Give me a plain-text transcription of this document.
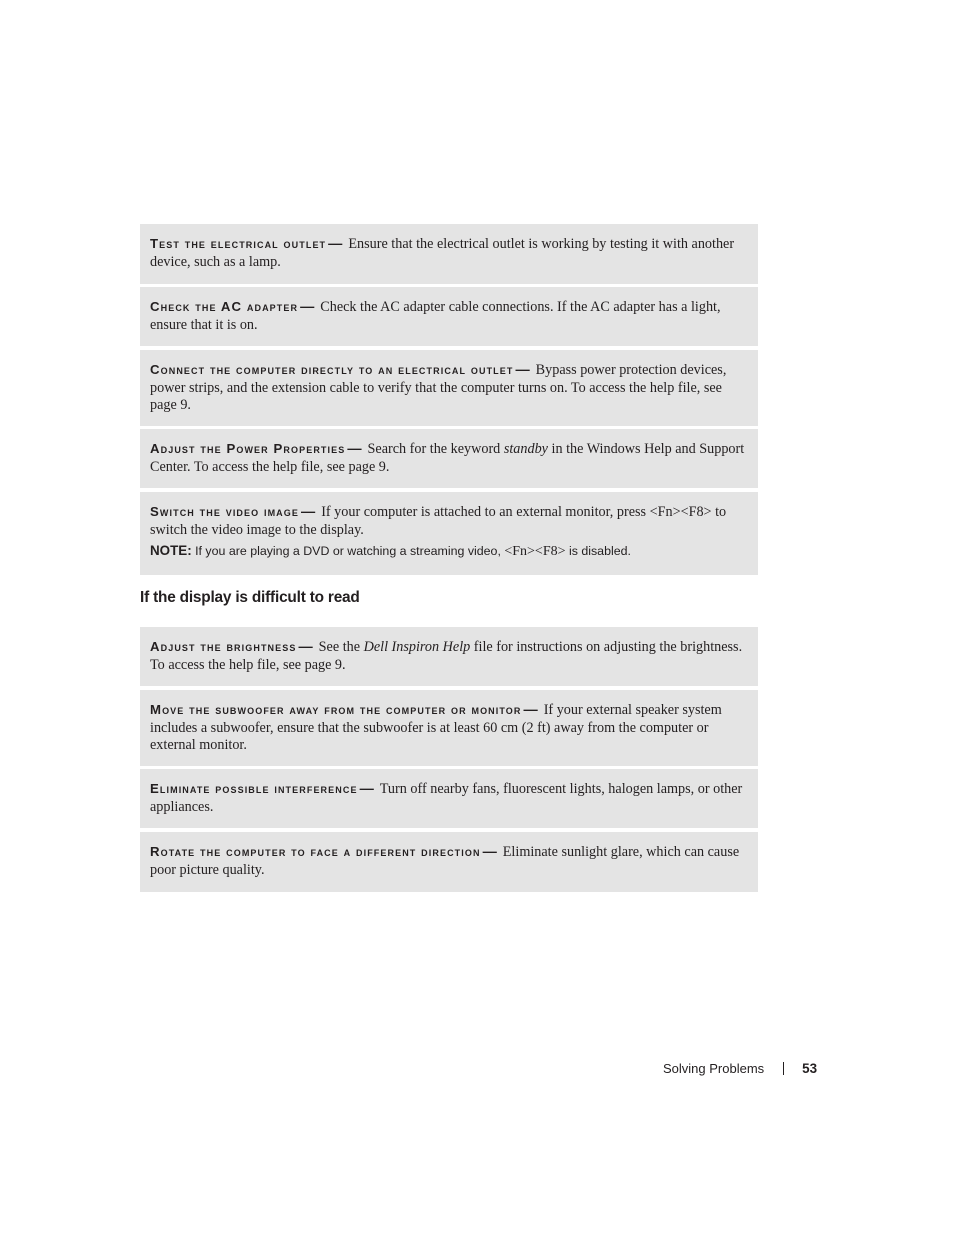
Test the electrical outlet — Ensure that the electrical outlet is working by testing it with another device, such as a lamp.
Check the AC adapter — Check the AC adapter cable connections. If the AC adapter has a light, ensure that it is on.
Connect the computer directly to an electrical outlet — Bypass power protection devices, power strips, and the extension cable to verify that the computer turns on. To access the help file, see page 9.
Adjust the Power Properties — Search for the keyword standby in the Windows Help and Support Center. To access the help file, see page 9.
Switch the video image — If your computer is attached to an external monitor, press <Fn><F8> to switch the video image to the display.
NOTE: If you are playing a DVD or watching a streaming video, <Fn><F8> is disabled.
If the display is difficult to read
Adjust the brightness — See the Dell Inspiron Help file for instructions on adjusting the brightness. To access the help file, see page 9.
Move the subwoofer away from the computer or monitor — If your external speaker system includes a subwoofer, ensure that the subwoofer is at least 60 cm (2 ft) away from the computer or external monitor.
Eliminate possible interference — Turn off nearby fans, fluorescent lights, halogen lamps, or other appliances.
Rotate the computer to face a different direction — Eliminate sunlight glare, which can cause poor picture quality.
Solving Problems	53
